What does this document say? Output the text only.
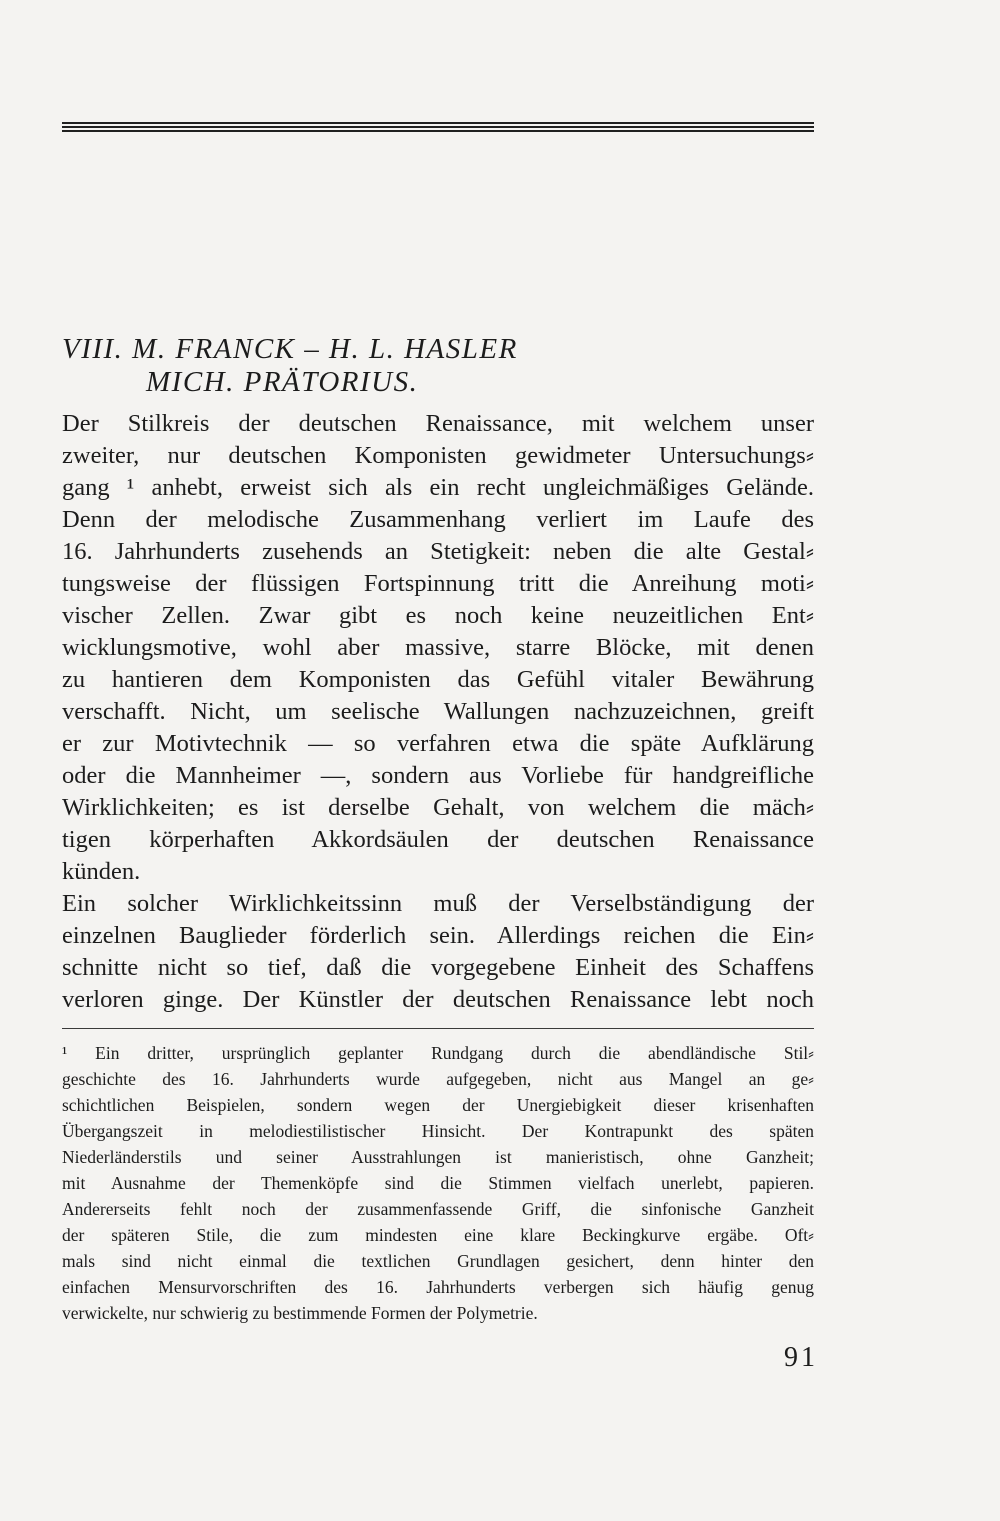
VIII. M. FRANCK – H. L. HASLER
MICH. PRÄTORIUS.
Der Stilkreis der deutschen Renaissance, mit welchem unser
zweiter, nur deutschen Komponisten gewidmeter Untersuchungs⸗
gang ¹ anhebt, erweist sich als ein recht ungleichmäßiges Gelände.
Denn der melodische Zusammenhang verliert im Laufe des
16. Jahrhunderts zusehends an Stetigkeit: neben die alte Gestal⸗
tungsweise der flüssigen Fortspinnung tritt die Anreihung moti⸗
vischer Zellen. Zwar gibt es noch keine neuzeitlichen Ent⸗
wicklungsmotive, wohl aber massive, starre Blöcke, mit denen
zu hantieren dem Komponisten das Gefühl vitaler Bewährung
verschafft. Nicht, um seelische Wallungen nachzuzeichnen, greift
er zur Motivtechnik — so verfahren etwa die späte Aufklärung
oder die Mannheimer —, sondern aus Vorliebe für handgreifliche
Wirklichkeiten; es ist derselbe Gehalt, von welchem die mäch⸗
tigen körperhaften Akkordsäulen der deutschen Renaissance
künden.
Ein solcher Wirklichkeitssinn muß der Verselbständigung der
einzelnen Bauglieder förderlich sein. Allerdings reichen die Ein⸗
schnitte nicht so tief, daß die vorgegebene Einheit des Schaffens
verloren ginge. Der Künstler der deutschen Renaissance lebt noch
¹ Ein dritter, ursprünglich geplanter Rundgang durch die abendländische Stil⸗
geschichte des 16. Jahrhunderts wurde aufgegeben, nicht aus Mangel an ge⸗
schichtlichen Beispielen, sondern wegen der Unergiebigkeit dieser krisenhaften
Übergangszeit in melodiestilistischer Hinsicht. Der Kontrapunkt des späten
Niederländerstils und seiner Ausstrahlungen ist manieristisch, ohne Ganzheit;
mit Ausnahme der Themenköpfe sind die Stimmen vielfach unerlebt, papieren.
Andererseits fehlt noch der zusammenfassende Griff, die sinfonische Ganzheit
der späteren Stile, die zum mindesten eine klare Beckingkurve ergäbe. Oft⸗
mals sind nicht einmal die textlichen Grundlagen gesichert, denn hinter den
einfachen Mensurvorschriften des 16. Jahrhunderts verbergen sich häufig genug
verwickelte, nur schwierig zu bestimmende Formen der Polymetrie.
91
